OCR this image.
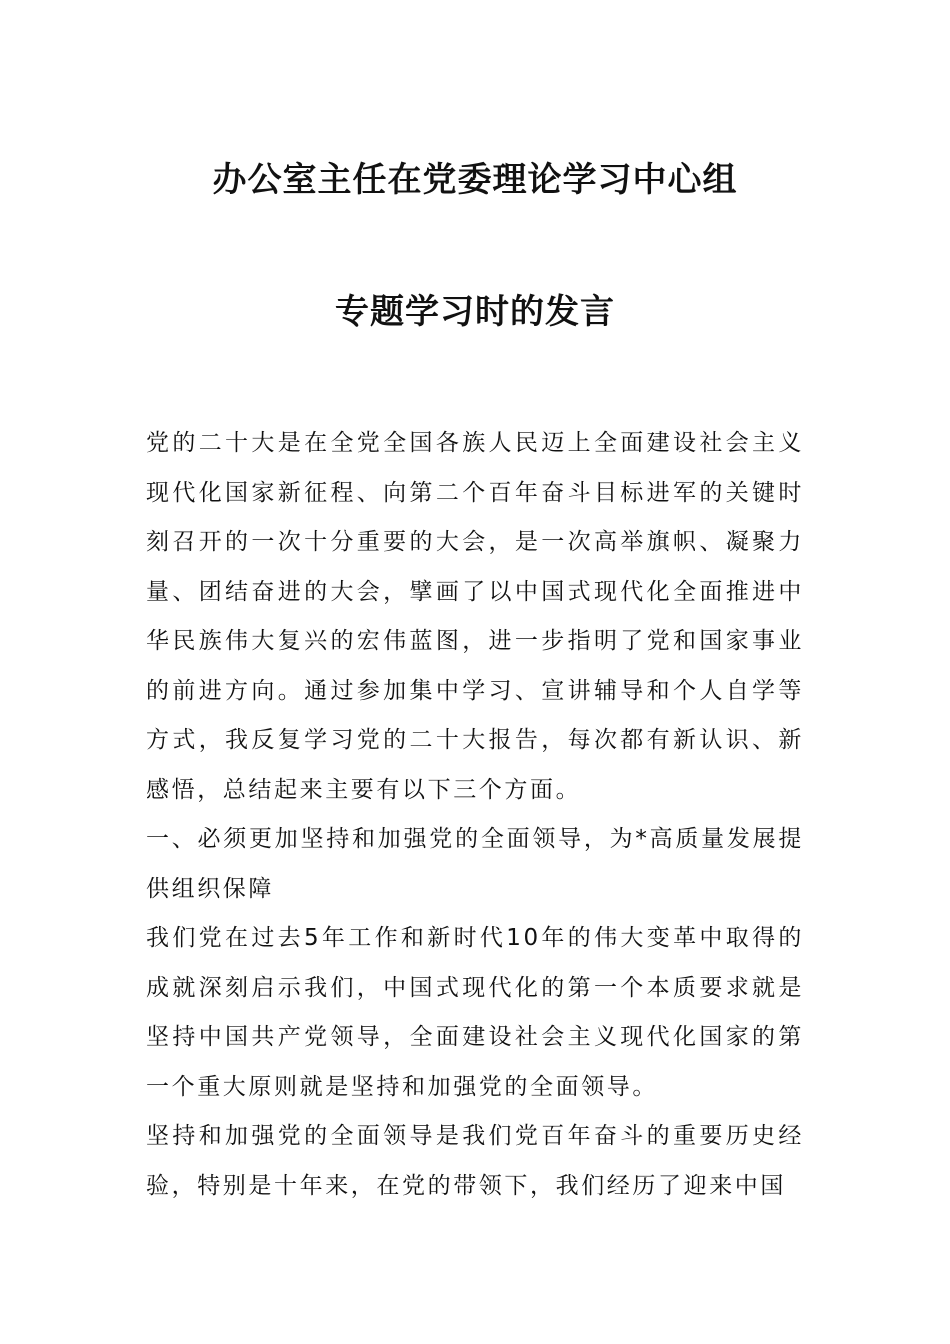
办公室主任在党委理论学习中心组
专题学习时的发言

党的二十大是在全党全国各族人民迈上全面建设社会主义现代化国家新征程、向第二个百年奋斗目标进军的关键时刻召开的一次十分重要的大会，是一次高举旗帜、凝聚力量、团结奋进的大会，擘画了以中国式现代化全面推进中华民族伟大复兴的宏伟蓝图，进一步指明了党和国家事业的前进方向。通过参加集中学习、宣讲辅导和个人自学等方式，我反复学习党的二十大报告，每次都有新认识、新感悟，总结起来主要有以下三个方面。

一、必须更加坚持和加强党的全面领导，为*高质量发展提供组织保障

我们党在过去5年工作和新时代10年的伟大变革中取得的成就深刻启示我们，中国式现代化的第一个本质要求就是坚持中国共产党领导，全面建设社会主义现代化国家的第一个重大原则就是坚持和加强党的全面领导。

坚持和加强党的全面领导是我们党百年奋斗的重要历史经验，特别是十年来，在党的带领下，我们经历了迎来中国
